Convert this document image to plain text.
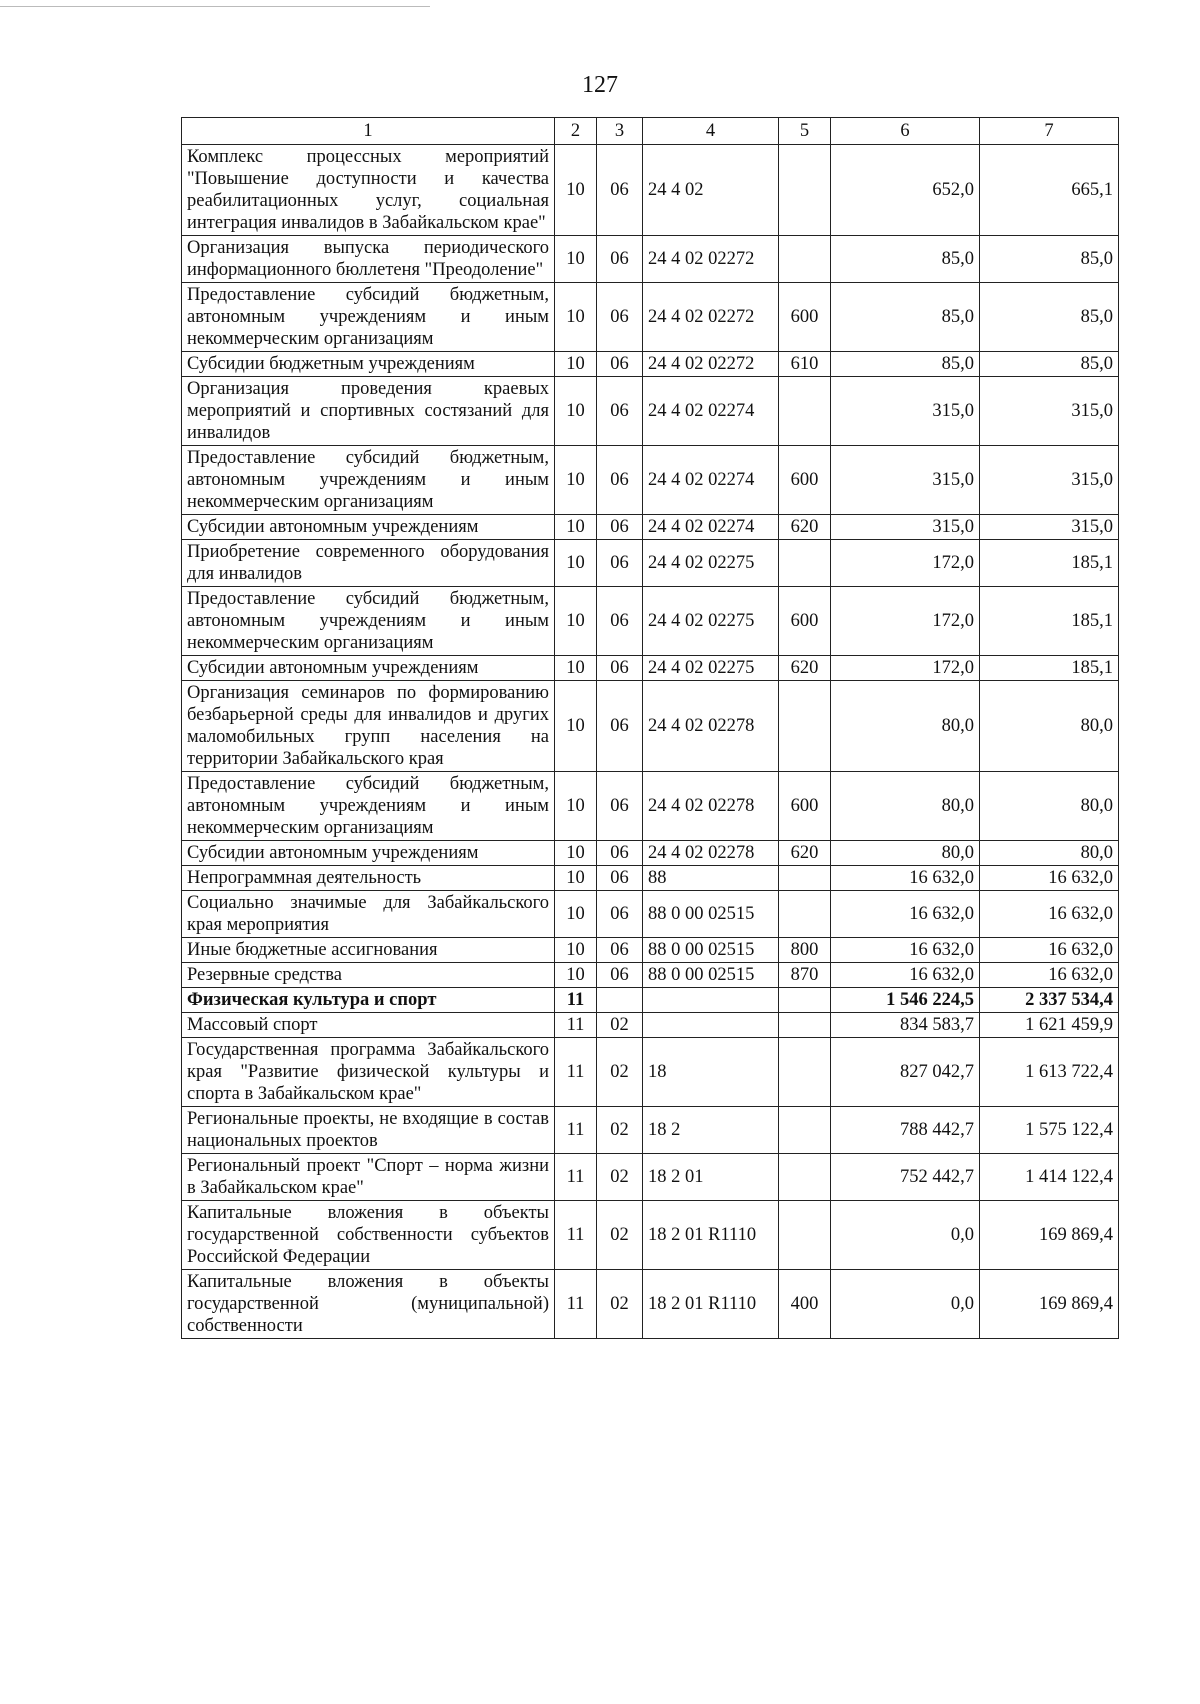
127
1	2	3	4	5	6	7
Комплекс процессных мероприятий "Повышение доступности и качества реабилитационных услуг, социальная интеграция инвалидов в Забайкальском крае"	10	06	24 4 02		652,0	665,1
Организация выпуска периодического информационного бюллетеня "Преодоление"	10	06	24 4 02 02272		85,0	85,0
Предоставление субсидий бюджетным, автономным учреждениям и иным некоммерческим организациям	10	06	24 4 02 02272	600	85,0	85,0
Субсидии бюджетным учреждениям	10	06	24 4 02 02272	610	85,0	85,0
Организация проведения краевых мероприятий и спортивных состязаний для инвалидов	10	06	24 4 02 02274		315,0	315,0
Предоставление субсидий бюджетным, автономным учреждениям и иным некоммерческим организациям	10	06	24 4 02 02274	600	315,0	315,0
Субсидии автономным учреждениям	10	06	24 4 02 02274	620	315,0	315,0
Приобретение современного оборудования для инвалидов	10	06	24 4 02 02275		172,0	185,1
Предоставление субсидий бюджетным, автономным учреждениям и иным некоммерческим организациям	10	06	24 4 02 02275	600	172,0	185,1
Субсидии автономным учреждениям	10	06	24 4 02 02275	620	172,0	185,1
Организация семинаров по формированию безбарьерной среды для инвалидов и других маломобильных групп населения на территории Забайкальского края	10	06	24 4 02 02278		80,0	80,0
Предоставление субсидий бюджетным, автономным учреждениям и иным некоммерческим организациям	10	06	24 4 02 02278	600	80,0	80,0
Субсидии автономным учреждениям	10	06	24 4 02 02278	620	80,0	80,0
Непрограммная деятельность	10	06	88		16 632,0	16 632,0
Социально значимые для Забайкальского края мероприятия	10	06	88 0 00 02515		16 632,0	16 632,0
Иные бюджетные ассигнования	10	06	88 0 00 02515	800	16 632,0	16 632,0
Резервные средства	10	06	88 0 00 02515	870	16 632,0	16 632,0
Физическая культура и спорт	11				1 546 224,5	2 337 534,4
Массовый спорт	11	02			834 583,7	1 621 459,9
Государственная программа Забайкальского края "Развитие физической культуры и спорта в Забайкальском крае"	11	02	18		827 042,7	1 613 722,4
Региональные проекты, не входящие в состав национальных проектов	11	02	18 2		788 442,7	1 575 122,4
Региональный проект "Спорт – норма жизни в Забайкальском крае"	11	02	18 2 01		752 442,7	1 414 122,4
Капитальные вложения в объекты государственной собственности субъектов Российской Федерации	11	02	18 2 01 R1110		0,0	169 869,4
Капитальные вложения в объекты государственной (муниципальной) собственности	11	02	18 2 01 R1110	400	0,0	169 869,4
